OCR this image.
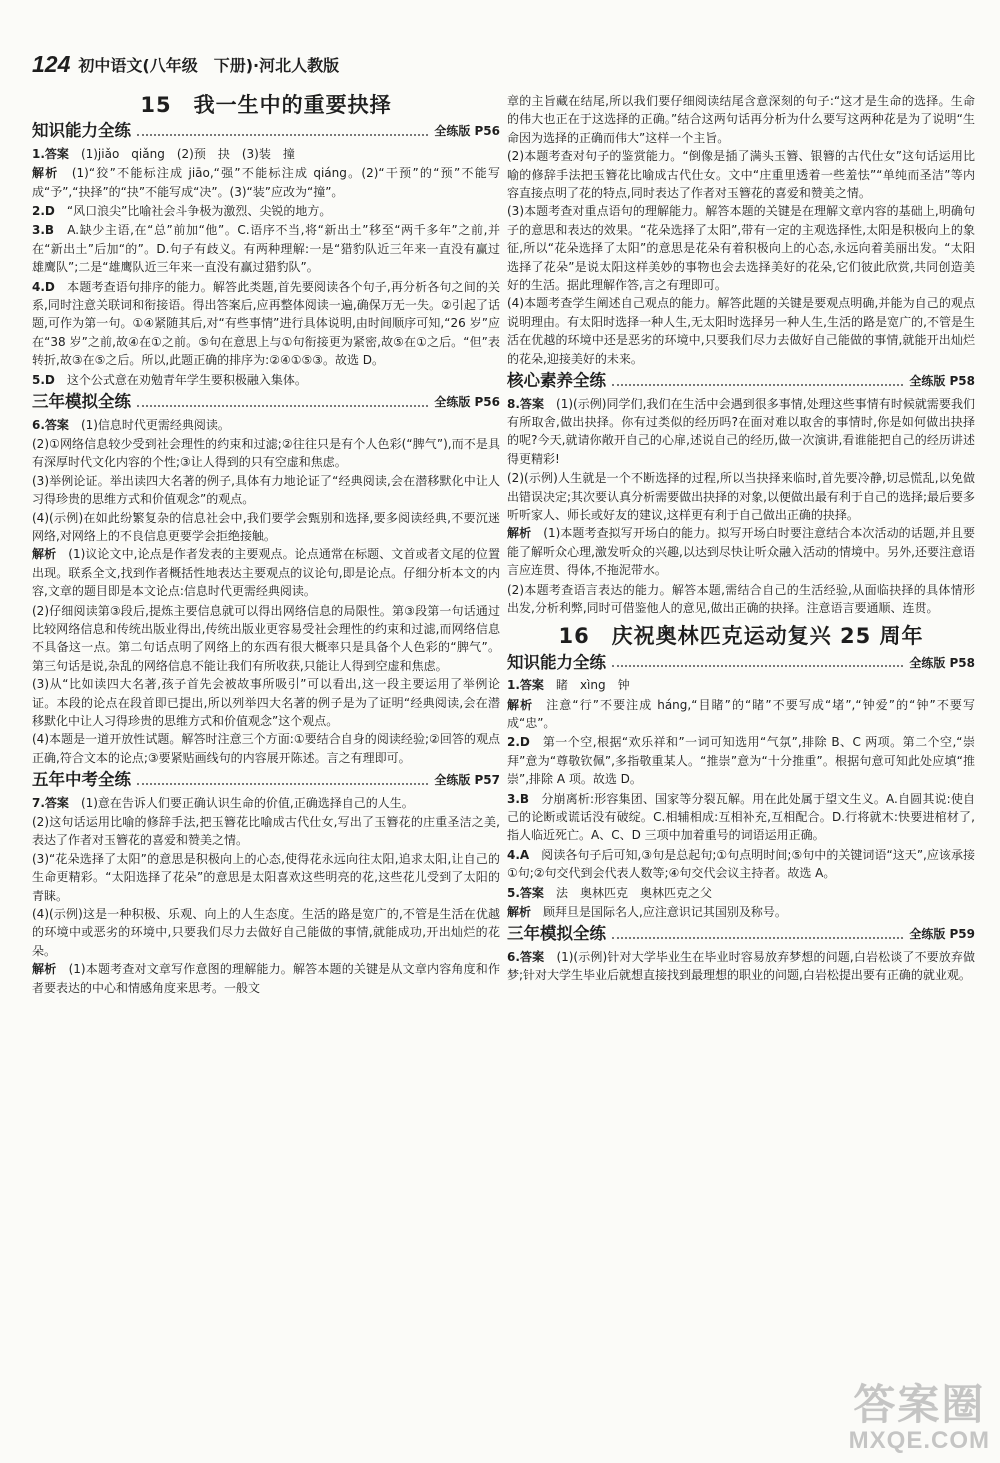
124 初中语文(八年级　下册)·河北人教版
15　我一生中的重要抉择
知识能力全练	全练版 P56

1.答案　 (1)jiǎo　qiǎng　(2)预　抉　(3)装　撞

解析　 (1)“狡”不能标注成 jiāo,“强”不能标注成 qiáng。(2)“干预”的“预”不能写成“予”,“抉择”的“抉”不能写成“决”。(3)“装”应改为“撞”。

2.D　 “风口浪尖”比喻社会斗争极为激烈、尖锐的地方。

3.B　 A.缺少主语,在“总”前加“他”。C.语序不当,将“新出土”移至“两千多年”之前,并在“新出土”后加“的”。D.句子有歧义。有两种理解:一是“猎豹队近三年来一直没有赢过雄鹰队”;二是“雄鹰队近三年来一直没有赢过猎豹队”。

4.D　 本题考查语句排序的能力。解答此类题,首先要阅读各个句子,再分析各句之间的关系,同时注意关联词和衔接语。得出答案后,应再整体阅读一遍,确保万无一失。②引起了话题,可作为第一句。①④紧随其后,对“有些事情”进行具体说明,由时间顺序可知,“26 岁”应在“38 岁”之前,故④在①之前。⑤句在意思上与①句衔接更为紧密,故⑤在①之后。“但”表转折,故③在⑤之后。所以,此题正确的排序为:②④①⑤③。故选 D。

5.D　 这个公式意在劝勉青年学生要积极融入集体。

三年模拟全练	全练版 P56

6.答案　 (1)信息时代更需经典阅读。

(2)①网络信息较少受到社会理性的约束和过滤;②往往只是有个人色彩(“脾气”),而不是具有深厚时代文化内容的个性;③让人得到的只有空虚和焦虑。

(3)举例论证。举出读四大名著的例子,具体有力地论证了“经典阅读,会在潜移默化中让人习得珍贵的思维方式和价值观念”的观点。

(4)(示例)在如此纷繁复杂的信息社会中,我们要学会甄别和选择,要多阅读经典,不要沉迷网络,对网络上的不良信息更要学会拒绝接触。

解析　 (1)议论文中,论点是作者发表的主要观点。论点通常在标题、文首或者文尾的位置出现。联系全文,找到作者概括性地表达主要观点的议论句,即是论点。仔细分析本文的内容,文章的题目即是本文论点:信息时代更需经典阅读。

(2)仔细阅读第③段后,提炼主要信息就可以得出网络信息的局限性。第③段第一句话通过比较网络信息和传统出版业得出,传统出版业更容易受社会理性的约束和过滤,而网络信息不具备这一点。第二句话点明了网络上的东西有很大概率只是具备个人色彩的“脾气”。第三句话是说,杂乱的网络信息不能让我们有所收获,只能让人得到空虚和焦虑。

(3)从“比如读四大名著,孩子首先会被故事所吸引”可以看出,这一段主要运用了举例论证。本段的论点在段首即已提出,所以列举四大名著的例子是为了证明“经典阅读,会在潜移默化中让人习得珍贵的思维方式和价值观念”这个观点。

(4)本题是一道开放性试题。解答时注意三个方面:①要结合自身的阅读经验;②回答的观点正确,符合文本的论点;③要紧贴画线句的内容展开陈述。言之有理即可。

五年中考全练	全练版 P57

7.答案　 (1)意在告诉人们要正确认识生命的价值,正确选择自己的人生。

(2)这句话运用比喻的修辞手法,把玉簪花比喻成古代仕女,写出了玉簪花的庄重圣洁之美,表达了作者对玉簪花的喜爱和赞美之情。

(3)“花朵选择了太阳”的意思是积极向上的心态,使得花永远向往太阳,追求太阳,让自己的生命更精彩。“太阳选择了花朵”的意思是太阳喜欢这些明亮的花,这些花儿受到了太阳的青睐。

(4)(示例)这是一种积极、乐观、向上的人生态度。生活的路是宽广的,不管是生活在优越的环境中或恶劣的环境中,只要我们尽力去做好自己能做的事情,就能成功,开出灿烂的花朵。

解析　 (1)本题考查对文章写作意图的理解能力。解答本题的关键是从文章内容角度和作者要表达的中心和情感角度来思考。一般文

章的主旨藏在结尾,所以我们要仔细阅读结尾含意深刻的句子:“这才是生命的选择。生命的伟大也正在于这选择的正确。”结合这两句话再分析为什么要写这两种花是为了说明“生命因为选择的正确而伟大”这样一个主旨。

(2)本题考查对句子的鉴赏能力。“倒像是插了满头玉簪、银簪的古代仕女”这句话运用比喻的修辞手法把玉簪花比喻成古代仕女。文中“庄重里透着一些羞怯”“单纯而圣洁”等内容直接点明了花的特点,同时表达了作者对玉簪花的喜爱和赞美之情。

(3)本题考查对重点语句的理解能力。解答本题的关键是在理解文章内容的基础上,明确句子的意思和表达的效果。“花朵选择了太阳”,带有一定的主观选择性,太阳是积极向上的象征,所以“花朵选择了太阳”的意思是花朵有着积极向上的心态,永远向着美丽出发。“太阳选择了花朵”是说太阳这样美妙的事物也会去选择美好的花朵,它们彼此欣赏,共同创造美好的生活。据此理解作答,言之有理即可。

(4)本题考查学生阐述自己观点的能力。解答此题的关键是要观点明确,并能为自己的观点说明理由。有太阳时选择一种人生,无太阳时选择另一种人生,生活的路是宽广的,不管是生活在优越的环境中还是恶劣的环境中,只要我们尽力去做好自己能做的事情,就能开出灿烂的花朵,迎接美好的未来。

核心素养全练	全练版 P58

8.答案　 (1)(示例)同学们,我们在生活中会遇到很多事情,处理这些事情有时候就需要我们有所取舍,做出抉择。你有过类似的经历吗?在面对难以取舍的事情时,你是如何做出抉择的呢?今天,就请你敞开自己的心扉,述说自己的经历,做一次演讲,看谁能把自己的经历讲述得更精彩!

(2)(示例)人生就是一个不断选择的过程,所以当抉择来临时,首先要冷静,切忌慌乱,以免做出错误决定;其次要认真分析需要做出抉择的对象,以便做出最有利于自己的选择;最后要多听听家人、师长或好友的建议,这样更有利于自己做出正确的抉择。

解析　 (1)本题考查拟写开场白的能力。拟写开场白时要注意结合本次活动的话题,并且要能了解听众心理,激发听众的兴趣,以达到尽快让听众融入活动的情境中。另外,还要注意语言应连贯、得体,不拖泥带水。

(2)本题考查语言表达的能力。解答本题,需结合自己的生活经验,从面临抉择的具体情形出发,分析利弊,同时可借鉴他人的意见,做出正确的抉择。注意语言要通顺、连贯。

16　庆祝奥林匹克运动复兴 25 周年
知识能力全练	全练版 P58

1.答案　 睹　xìng　钟

解析　 注意“行”不要注成 háng,“目睹”的“睹”不要写成“堵”,“钟爱”的“钟”不要写成“忠”。

2.D　 第一个空,根据“欢乐祥和”一词可知选用“气氛”,排除 B、C 两项。第二个空,“崇拜”意为“尊敬钦佩”,多指敬重某人。“推崇”意为“十分推重”。根据句意可知此处应填“推崇”,排除 A 项。故选 D。

3.B　 分崩离析:形容集团、国家等分裂瓦解。用在此处属于望文生义。A.自圆其说:使自己的论断或谎话没有破绽。C.相辅相成:互相补充,互相配合。D.行将就木:快要进棺材了,指人临近死亡。A、C、D 三项中加着重号的词语运用正确。

4.A　 阅读各句子后可知,③句是总起句;①句点明时间;⑤句中的关键词语“这天”,应该承接①句;②句交代到会代表人数等;④句交代会议主持者。故选 A。

5.答案　 法　奥林匹克　奥林匹克之父

解析　 顾拜旦是国际名人,应注意识记其国别及称号。

三年模拟全练	全练版 P59

6.答案　 (1)(示例)针对大学毕业生在毕业时容易放弃梦想的问题,白岩松谈了不要放弃做梦;针对大学生毕业后就想直接找到最理想的职业的问题,白岩松提出要有正确的就业观。

答案圈
MXQE.COM
